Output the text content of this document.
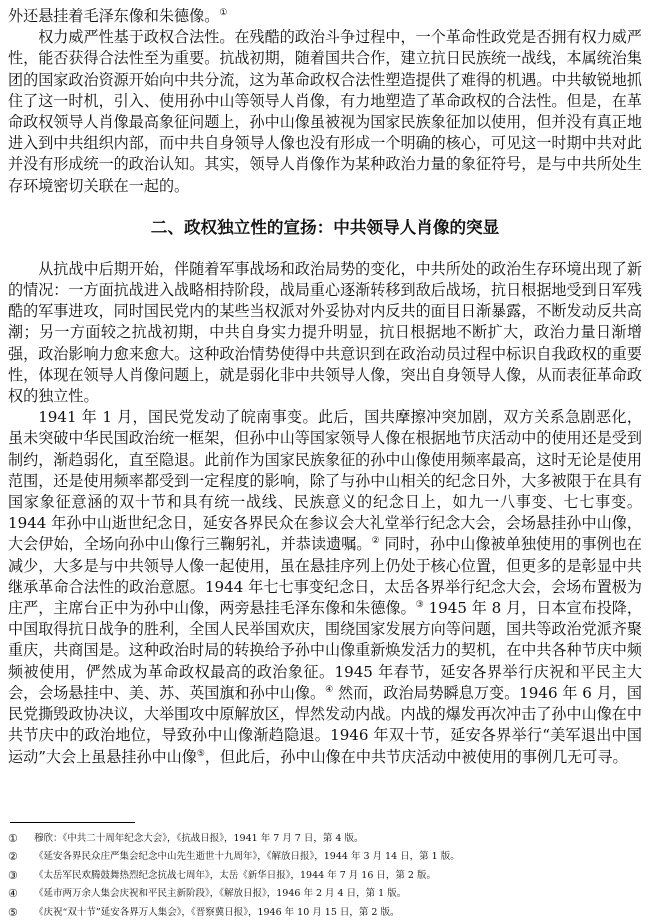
外还悬挂着毛泽东像和朱德像。①

权力威严性基于政权合法性。在残酷的政治斗争过程中，一个革命性政党是否拥有权力威严性，能否获得合法性至为重要。抗战初期，随着国共合作，建立抗日民族统一战线，本属统治集团的国家政治资源开始向中共分流，这为革命政权合法性塑造提供了难得的机遇。中共敏锐地抓住了这一时机，引入、使用孙中山等领导人肖像，有力地塑造了革命政权的合法性。但是，在革命政权领导人肖像最高象征问题上，孙中山像虽被视为国家民族象征加以使用，但并没有真正地进入到中共组织内部，而中共自身领导人像也没有形成一个明确的核心，可见这一时期中共对此并没有形成统一的政治认知。其实，领导人肖像作为某种政治力量的象征符号，是与中共所处生存环境密切关联在一起的。

二、政权独立性的宣扬：中共领导人肖像的突显

从抗战中后期开始，伴随着军事战场和政治局势的变化，中共所处的政治生存环境出现了新的情况：一方面抗战进入战略相持阶段，战局重心逐渐转移到敌后战场，抗日根据地受到日军残酷的军事进攻，同时国民党内的某些当权派对外妥协对内反共的面目日渐暴露，不断发动反共高潮；另一方面较之抗战初期，中共自身实力提升明显，抗日根据地不断扩大，政治力量日渐增强，政治影响力愈来愈大。这种政治情势使得中共意识到在政治动员过程中标识自我政权的重要性，体现在领导人肖像问题上，就是弱化非中共领导人像，突出自身领导人像，从而表征革命政权的独立性。

1941 年 1 月，国民党发动了皖南事变。此后，国共摩擦冲突加剧，双方关系急剧恶化，虽未突破中华民国政治统一框架，但孙中山等国家领导人像在根据地节庆活动中的使用还是受到制约，渐趋弱化，直至隐退。此前作为国家民族象征的孙中山像使用频率最高，这时无论是使用范围，还是使用频率都受到一定程度的影响，除了与孙中山相关的纪念日外，大多被限于在具有国家象征意涵的双十节和具有统一战线、民族意义的纪念日上，如九一八事变、七七事变。1944 年孙中山逝世纪念日，延安各界民众在参议会大礼堂举行纪念大会，会场悬挂孙中山像，大会伊始，全场向孙中山像行三鞠躬礼，并恭读遗嘱。② 同时，孙中山像被单独使用的事例也在减少，大多是与中共领导人像一起使用，虽在悬挂序列上仍处于核心位置，但更多的是彰显中共继承革命合法性的政治意愿。1944 年七七事变纪念日，太岳各界举行纪念大会，会场布置极为庄严，主席台正中为孙中山像，两旁悬挂毛泽东像和朱德像。③ 1945 年 8 月，日本宣布投降，中国取得抗日战争的胜利，全国人民举国欢庆，围绕国家发展方向等问题，国共等政治党派齐聚重庆，共商国是。这种政治时局的转换给予孙中山像重新焕发活力的契机，在中共各种节庆中频频被使用，俨然成为革命政权最高的政治象征。1945 年春节，延安各界举行庆祝和平民主大会，会场悬挂中、美、苏、英国旗和孙中山像。④ 然而，政治局势瞬息万变。1946 年 6 月，国民党撕毁政协决议，大举围攻中原解放区，悍然发动内战。内战的爆发再次冲击了孙中山像在中共节庆中的政治地位，导致孙中山像渐趋隐退。1946 年双十节，延安各界举行“美军退出中国运动”大会上虽悬挂孙中山像⑤，但此后，孙中山像在中共节庆活动中被使用的事例几无可寻。

①	穆欣：《中共二十周年纪念大会》，《抗战日报》，1941 年 7 月 7 日，第 4 版。
②	《延安各界民众庄严集会纪念中山先生逝世十九周年》，《解放日报》，1944 年 3 月 14 日，第 1 版。
③	《太岳军民欢腾鼓舞热烈纪念抗战七周年》，太岳《新华日报》，1944 年 7 月 16 日，第 2 版。
④	《延市两万余人集会庆祝和平民主新阶段》，《解放日报》，1946 年 2 月 4 日，第 1 版。
⑤	《庆祝“双十节”延安各界万人集会》，《晋察冀日报》，1946 年 10 月 15 日，第 2 版。
